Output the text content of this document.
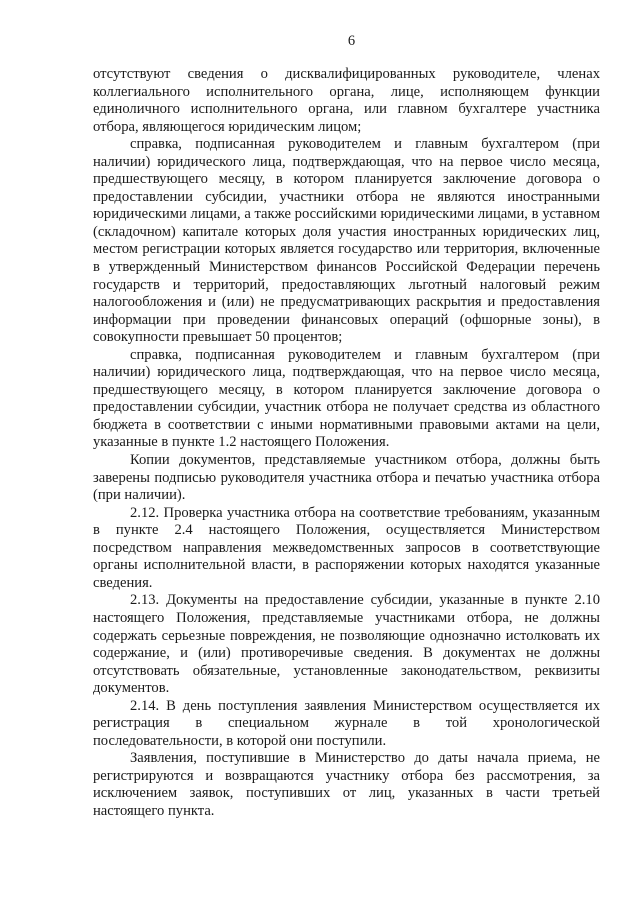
6

отсутствуют сведения о дисквалифицированных руководителе, членах коллегиального исполнительного органа, лице, исполняющем функции единоличного исполнительного органа, или главном бухгалтере участника отбора, являющегося юридическим лицом;

справка, подписанная руководителем и главным бухгалтером (при наличии) юридического лица, подтверждающая, что на первое число месяца, предшествующего месяцу, в котором планируется заключение договора о предоставлении субсидии, участники отбора не являются иностранными юридическими лицами, а также российскими юридическими лицами, в уставном (складочном) капитале которых доля участия иностранных юридических лиц, местом регистрации которых является государство или территория, включенные в утвержденный Министерством финансов Российской Федерации перечень государств и территорий, предоставляющих льготный налоговый режим налогообложения и (или) не предусматривающих раскрытия и предоставления информации при проведении финансовых операций (офшорные зоны), в совокупности превышает 50 процентов;

справка, подписанная руководителем и главным бухгалтером (при наличии) юридического лица, подтверждающая, что на первое число месяца, предшествующего месяцу, в котором планируется заключение договора о предоставлении субсидии, участник отбора не получает средства из областного бюджета в соответствии с иными нормативными правовыми актами на цели, указанные в пункте 1.2 настоящего Положения.

Копии документов, представляемые участником отбора, должны быть заверены подписью руководителя участника отбора и печатью участника отбора (при наличии).

2.12. Проверка участника отбора на соответствие требованиям, указанным в пункте 2.4 настоящего Положения, осуществляется Министерством посредством направления межведомственных запросов в соответствующие органы исполнительной власти, в распоряжении которых находятся указанные сведения.

2.13. Документы на предоставление субсидии, указанные в пункте 2.10 настоящего Положения, представляемые участниками отбора, не должны содержать серьезные повреждения, не позволяющие однозначно истолковать их содержание, и (или) противоречивые сведения. В документах не должны отсутствовать обязательные, установленные законодательством, реквизиты документов.

2.14. В день поступления заявления Министерством осуществляется их регистрация в специальном журнале в той хронологической последовательности, в которой они поступили.

Заявления, поступившие в Министерство до даты начала приема, не регистрируются и возвращаются участнику отбора без рассмотрения, за исключением заявок, поступивших от лиц, указанных в части третьей настоящего пункта.
